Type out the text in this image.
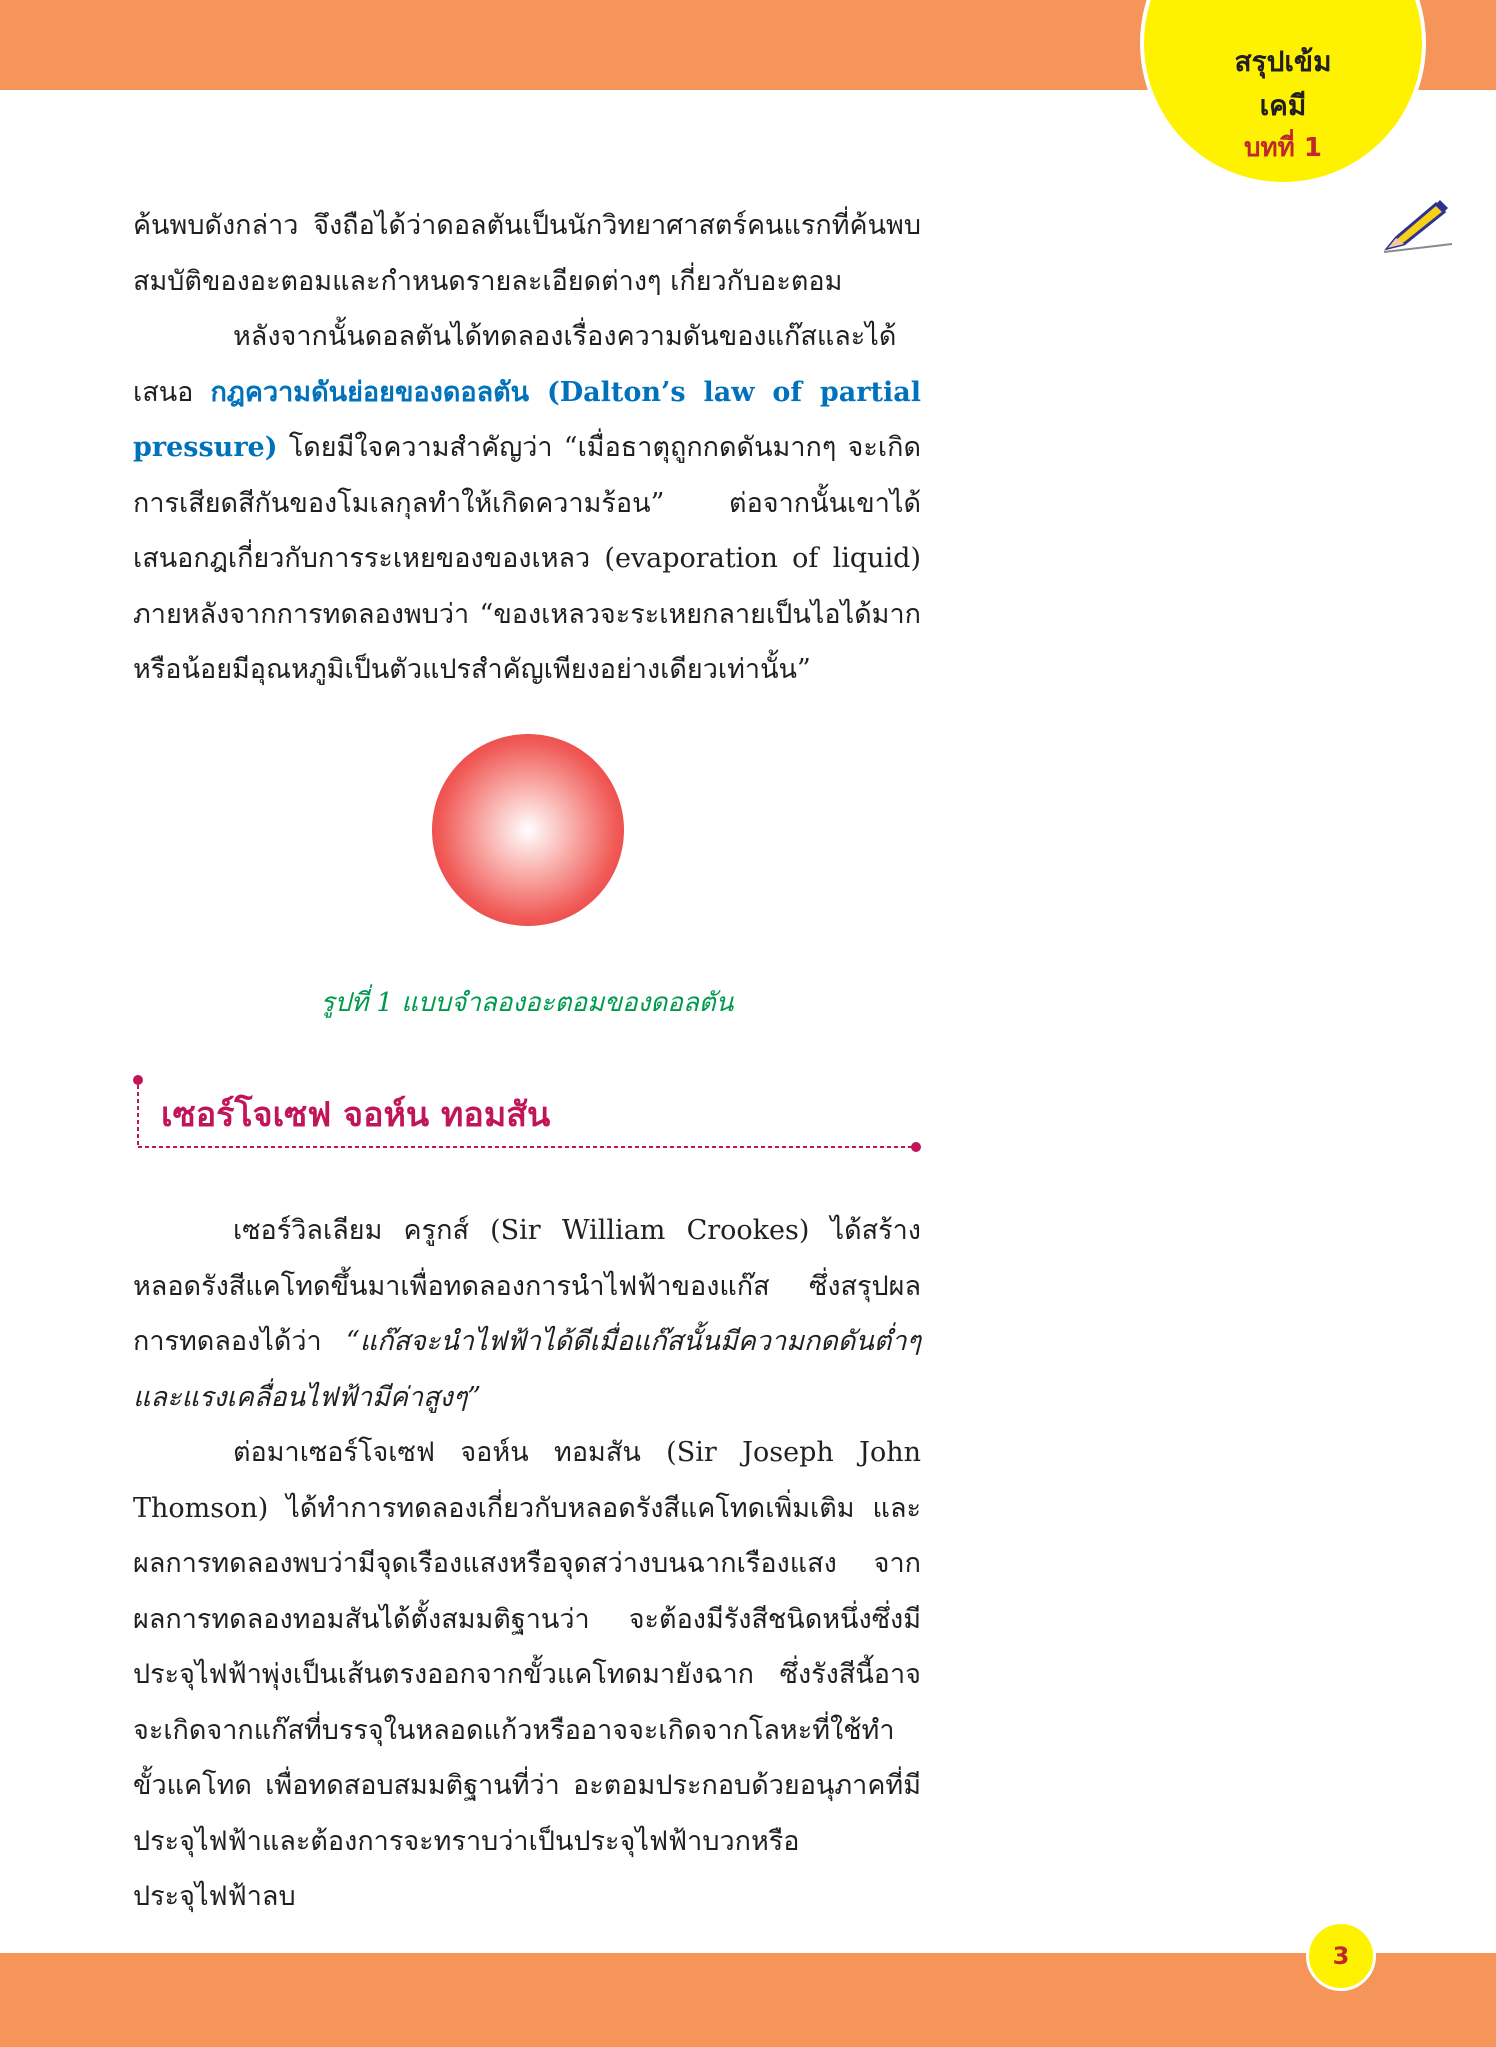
สรุปเข้ม
เคมี
บทที่ 1

ค้นพบดังกล่าว จึงถือได้ว่าดอลตันเป็นนักวิทยาศาสตร์คนแรกที่ค้นพบสมบัติของอะตอมและกำหนดรายละเอียดต่างๆ เกี่ยวกับอะตอม

หลังจากนั้นดอลตันได้ทดลองเรื่องความดันของแก๊สและได้เสนอ กฎความดันย่อยของดอลตัน (Dalton’s law of partial pressure) โดยมีใจความสำคัญว่า “เมื่อธาตุถูกกดดันมากๆ จะเกิดการเสียดสีกันของโมเลกุลทำให้เกิดความร้อน” ต่อจากนั้นเขาได้เสนอกฎเกี่ยวกับการระเหยของของเหลว (evaporation of liquid) ภายหลังจากการทดลองพบว่า “ของเหลวจะระเหยกลายเป็นไอได้มากหรือน้อยมีอุณหภูมิเป็นตัวแปรสำคัญเพียงอย่างเดียวเท่านั้น”

รูปที่ 1 แบบจำลองอะตอมของดอลตัน
เซอร์โจเซฟ จอห์น ทอมสัน

เซอร์วิลเลียม ครูกส์ (Sir William Crookes) ได้สร้างหลอดรังสีแคโทดขึ้นมาเพื่อทดลองการนำไฟฟ้าของแก๊ส ซึ่งสรุปผลการทดลองได้ว่า “แก๊สจะนำไฟฟ้าได้ดีเมื่อแก๊สนั้นมีความกดดันต่ำๆ และแรงเคลื่อนไฟฟ้ามีค่าสูงๆ”

ต่อมาเซอร์โจเซฟ จอห์น ทอมสัน (Sir Joseph John Thomson) ได้ทำการทดลองเกี่ยวกับหลอดรังสีแคโทดเพิ่มเติม และผลการทดลองพบว่ามีจุดเรืองแสงหรือจุดสว่างบนฉากเรืองแสง จากผลการทดลองทอมสันได้ตั้งสมมติฐานว่า จะต้องมีรังสีชนิดหนึ่งซึ่งมีประจุไฟฟ้าพุ่งเป็นเส้นตรงออกจากขั้วแคโทดมายังฉาก ซึ่งรังสีนี้อาจจะเกิดจากแก๊สที่บรรจุในหลอดแก้วหรืออาจจะเกิดจากโลหะที่ใช้ทำขั้วแคโทด เพื่อทดสอบสมมติฐานที่ว่า อะตอมประกอบด้วยอนุภาคที่มีประจุไฟฟ้าและต้องการจะทราบว่าเป็นประจุไฟฟ้าบวกหรือประจุไฟฟ้าลบ

3
